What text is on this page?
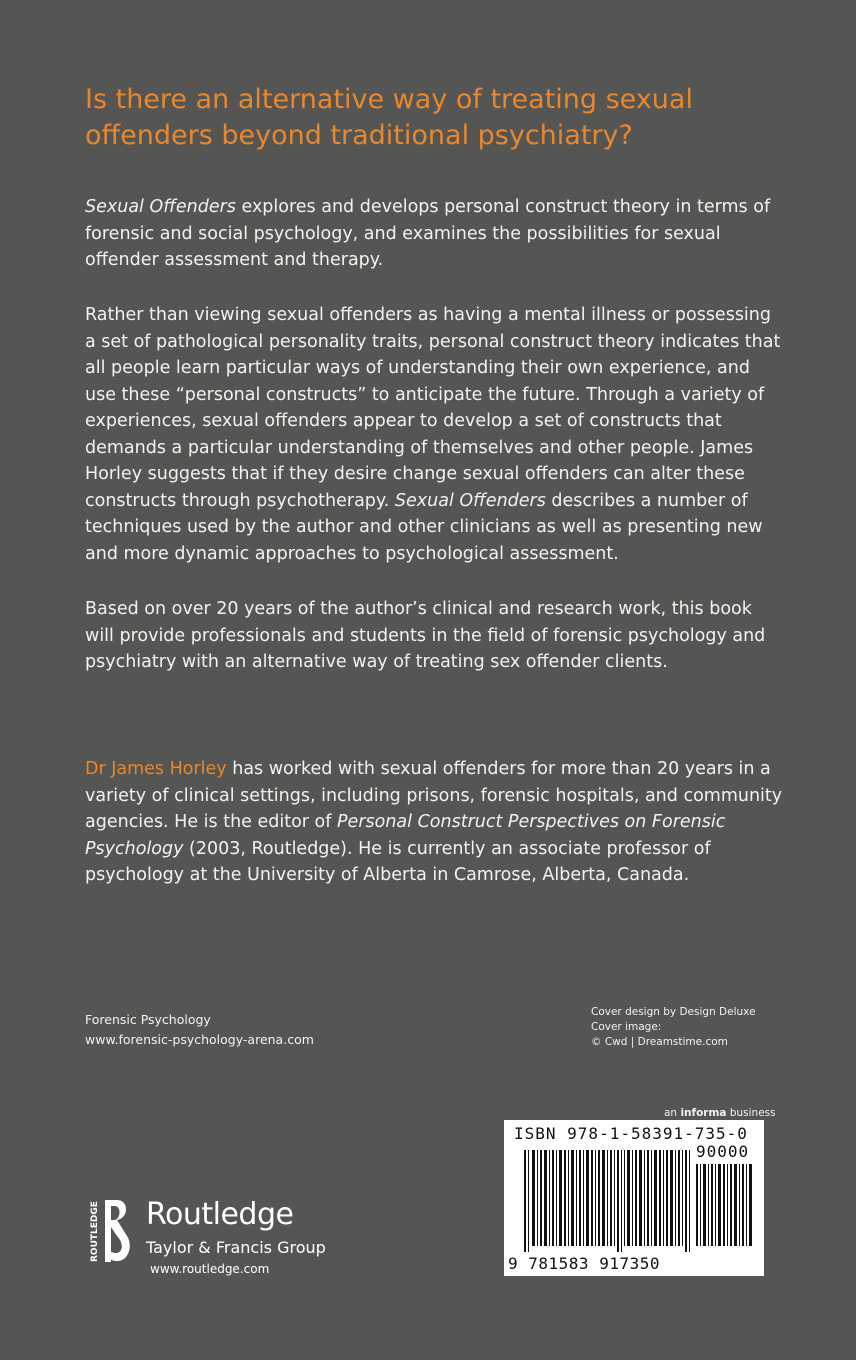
Is there an alternative way of treating sexual offenders beyond traditional psychiatry?

Sexual Offenders explores and develops personal construct theory in terms of forensic and social psychology, and examines the possibilities for sexual offender assessment and therapy.

Rather than viewing sexual offenders as having a mental illness or possessing a set of pathological personality traits, personal construct theory indicates that all people learn particular ways of understanding their own experience, and use these “personal constructs” to anticipate the future. Through a variety of experiences, sexual offenders appear to develop a set of constructs that demands a particular understanding of themselves and other people. James Horley suggests that if they desire change sexual offenders can alter these constructs through psychotherapy. Sexual Offenders describes a number of techniques used by the author and other clinicians as well as presenting new and more dynamic approaches to psychological assessment.

Based on over 20 years of the author’s clinical and research work, this book will provide professionals and students in the field of forensic psychology and psychiatry with an alternative way of treating sex offender clients.

Dr James Horley has worked with sexual offenders for more than 20 years in a variety of clinical settings, including prisons, forensic hospitals, and community agencies. He is the editor of Personal Construct Perspectives on Forensic Psychology (2003, Routledge). He is currently an associate professor of psychology at the University of Alberta in Camrose, Alberta, Canada.

Forensic Psychology
www.forensic-psychology-arena.com
Cover design by Design Deluxe
Cover image:
© Cwd | Dreamstime.com
an informa business
ISBN 978-1-58391-735-0
90000
9 781583 917350
ROUTLEDGE Routledge
Taylor & Francis Group
www.routledge.com
